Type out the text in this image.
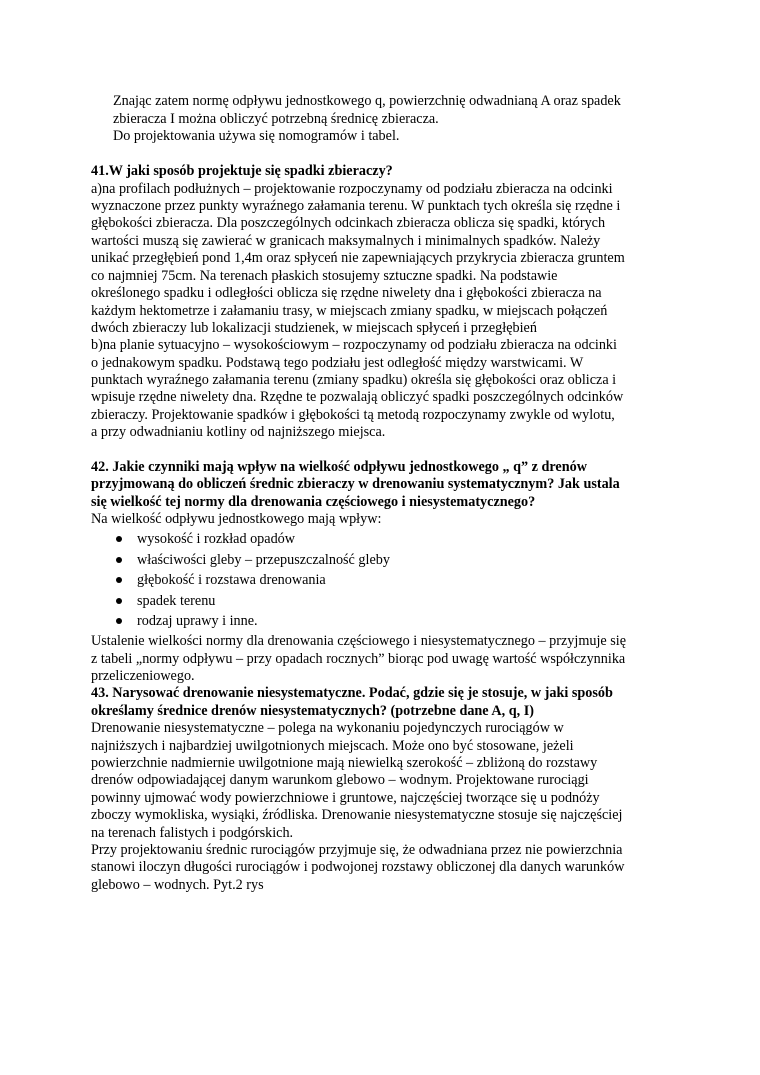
Znając zatem normę odpływu jednostkowego q, powierzchnię odwadnianą A oraz spadek
zbieracza I można obliczyć potrzebną średnicę zbieracza.
Do projektowania używa się nomogramów i tabel.
41.W jaki sposób projektuje się spadki zbieraczy?
a)na profilach podłużnych – projektowanie rozpoczynamy od podziału zbieracza na odcinki
wyznaczone przez punkty wyraźnego załamania terenu. W punktach tych określa się rzędne i
głębokości zbieracza. Dla poszczególnych odcinkach zbieracza oblicza się spadki, których
wartości muszą się zawierać w granicach maksymalnych i minimalnych spadków. Należy
unikać przegłębień pond 1,4m oraz spłyceń nie zapewniających przykrycia zbieracza gruntem
co najmniej 75cm. Na terenach płaskich stosujemy sztuczne spadki. Na podstawie
określonego spadku i odległości oblicza się rzędne niwelety dna i głębokości zbieracza na
każdym hektometrze i załamaniu trasy, w miejscach zmiany spadku, w miejscach połączeń
dwóch zbieraczy lub lokalizacji studzienek, w miejscach spłyceń i przegłębień
b)na planie sytuacyjno – wysokościowym – rozpoczynamy od podziału zbieracza na odcinki
o jednakowym spadku. Podstawą tego podziału jest odległość między warstwicami. W
punktach wyraźnego załamania terenu (zmiany spadku) określa się głębokości oraz oblicza i
wpisuje rzędne niwelety dna. Rzędne te pozwalają obliczyć spadki poszczególnych odcinków
zbieraczy. Projektowanie spadków i głębokości tą metodą rozpoczynamy zwykle od wylotu,
a przy odwadnianiu kotliny od najniższego miejsca.
42. Jakie czynniki mają wpływ na wielkość odpływu jednostkowego „ q” z drenów
przyjmowaną do obliczeń średnic zbieraczy w drenowaniu systematycznym? Jak ustala
się wielkość tej normy dla drenowania częściowego i niesystematycznego?
Na wielkość odpływu jednostkowego mają wpływ:
wysokość i rozkład opadów
właściwości gleby – przepuszczalność gleby
głębokość i rozstawa drenowania
spadek terenu
rodzaj uprawy i inne.
Ustalenie wielkości normy dla drenowania częściowego i niesystematycznego – przyjmuje się
z tabeli „normy odpływu – przy opadach rocznych” biorąc pod uwagę wartość współczynnika
przeliczeniowego.
43. Narysować drenowanie niesystematyczne. Podać, gdzie się je stosuje, w jaki sposób
określamy średnice drenów niesystematycznych? (potrzebne dane A, q, I)
Drenowanie niesystematyczne – polega na wykonaniu pojedynczych rurociągów w
najniższych i najbardziej uwilgotnionych miejscach. Może ono być stosowane, jeżeli
powierzchnie nadmiernie uwilgotnione mają niewielką szerokość – zbliżoną do rozstawy
drenów odpowiadającej danym warunkom glebowo – wodnym. Projektowane rurociągi
powinny ujmować wody powierzchniowe i gruntowe, najczęściej tworzące się u podnóży
zboczy wymokliska, wysiąki, źródliska. Drenowanie niesystematyczne stosuje się najczęściej
na terenach falistych i podgórskich.
Przy projektowaniu średnic rurociągów przyjmuje się, że odwadniana przez nie powierzchnia
stanowi iloczyn długości rurociągów i podwojonej rozstawy obliczonej dla danych warunków
glebowo – wodnych. Pyt.2 rys
